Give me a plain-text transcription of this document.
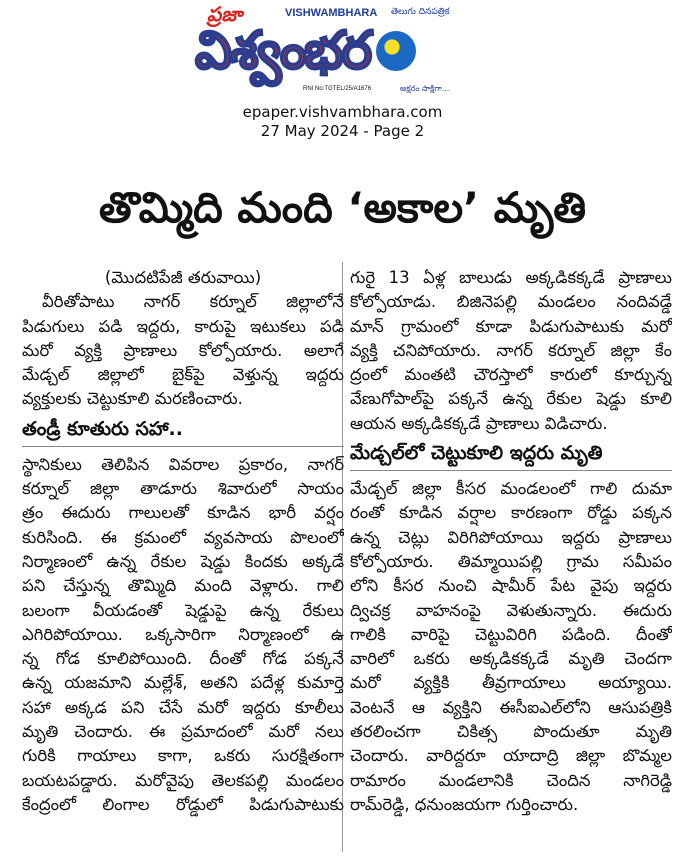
ప్రజా	VISHWAMBHARA తెలుగు దినపత్రిక
విశ్వంభర
RNI No:TGTEL/25/A1676	అక్షరం సాక్షిగా...
epaper.vishvambhara.com
27 May 2024 - Page 2
తొమ్మిది మంది ‘అకాల’ మృతి
(మొదటిపేజీ తరువాయి)
వీరితోపాటు నాగర్ కర్నూల్ జిల్లాలోనే
పిడుగులు పడి ఇద్దరు, కారుపై ఇటుకలు పడి
మరో వ్యక్తి ప్రాణాలు కోల్పోయారు. అలాగే
మేడ్చల్ జిల్లాలో బైక్‌పై వెళ్తున్న ఇద్దరు
వ్యక్తులకు చెట్టుకూలి మరణించారు.
తండ్రీ కూతురు సహా..
స్థానికులు తెలిపిన వివరాల ప్రకారం, నాగర్
కర్నూల్ జిల్లా తాడూరు శివారులో సాయం
త్రం ఈదురు గాలులతో కూడిన భారీ వర్షం
కురిసింది. ఈ క్రమంలో వ్యవసాయ పొలంలో
నిర్మాణంలో ఉన్న రేకుల షెడ్డు కిందకు అక్కడే
పని చేస్తున్న తొమ్మిది మంది వెళ్లారు. గాలి
బలంగా వీయడంతో షెడ్డుపై ఉన్న రేకులు
ఎగిరిపోయాయి. ఒక్కసారిగా నిర్మాణంలో ఉ
న్న గోడ కూలిపోయింది. దీంతో గోడ పక్కనే
ఉన్న యజమాని మల్లేశ్, అతని పదేళ్ల కుమార్తె
సహా అక్కడ పని చేసే మరో ఇద్దరు కూలీలు
మృతి చెందారు. ఈ ప్రమాదంలో మరో నలు
గురికి గాయాలు కాగా, ఒకరు సురక్షితంగా
బయటపడ్డారు. మరోవైపు తెలకపల్లి మండలం
కేంద్రంలో లింగాల రోడ్డులో పిడుగుపాటుకు
గురై 13 ఏళ్ల బాలుడు అక్కడికక్కడే ప్రాణాలు
కోల్పోయాడు. బిజినెపల్లి మండలం నందివడ్డే
మాన్ గ్రామంలో కూడా పిడుగుపాటుకు మరో
వ్యక్తి చనిపోయారు. నాగర్ కర్నూల్ జిల్లా కేం
ద్రంలో మంతటి చౌరస్తాలో కారులో కూర్చున్న
వేణుగోపాల్‌పై పక్కనే ఉన్న రేకుల షెడ్డు కూలి
ఆయన అక్కడికక్కడే ప్రాణాలు విడిచారు.
మేడ్చల్‌లో చెట్టుకూలి ఇద్దరు మృతి
మేడ్చల్ జిల్లా కీసర మండలంలో గాలి దుమా
రంతో కూడిన వర్షాల కారణంగా రోడ్డు పక్కన
ఉన్న చెట్లు విరిగిపోయాయి ఇద్దరు ప్రాణాలు
కోల్పోయారు. తిమ్మాయిపల్లి గ్రామ సమీపం
లోని కీసర నుంచి షామీర్ పేట వైపు ఇద్దరు
ద్విచక్ర వాహనంపై వెళుతున్నారు. ఈదురు
గాలికి వారిపై చెట్టువిరిగి పడింది. దీంతో
వారిలో ఒకరు అక్కడికక్కడే మృతి చెందగా
మరో వ్యక్తికి తీవ్రగాయాలు అయ్యాయి.
వెంటనే ఆ వ్యక్తిని ఈసీఐఎల్‌లోని ఆసుపత్రికి
తరలించగా చికిత్స పొందుతూ మృతి
చెందారు. వారిద్దరూ యాదాద్రి జిల్లా బొమ్మల
రామారం మండలానికి చెందిన నాగిరెడ్డి
రామ్‌రెడ్డి, ధనుంజయగా గుర్తించారు.
